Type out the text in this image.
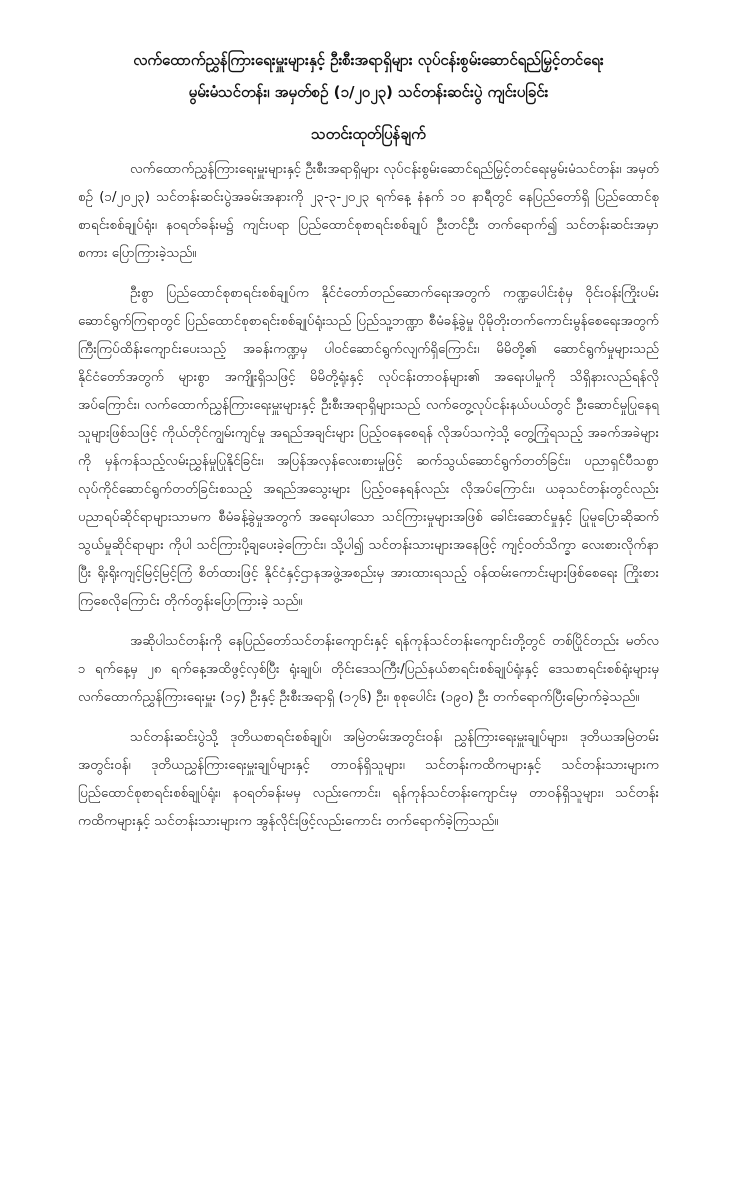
လက်ထောက်ညွှန်ကြားရေးမှူးများနှင့် ဦးစီးအရာရှိများ လုပ်ငန်းစွမ်းဆောင်ရည်မြှင့်တင်ရေး

မွမ်းမံသင်တန်း၊ အမှတ်စဉ် (၁/၂၀၂၃) သင်တန်းဆင်းပွဲ ကျင်းပခြင်း

သတင်းထုတ်ပြန်ချက်

လက်ထောက်ညွှန်ကြားရေးမှူးများနှင့် ဦးစီးအရာရှိများ လုပ်ငန်းစွမ်းဆောင်ရည်မြှင့်တင်ရေးမွမ်းမံသင်တန်း၊ အမှတ်စဉ် (၁/၂၀၂၃) သင်တန်းဆင်းပွဲအခမ်းအနားကို ၂၃-၃-၂၀၂၃ ရက်နေ့ နံနက် ၁၀ နာရီတွင် နေပြည်တော်ရှိ ပြည်ထောင်စုစာရင်းစစ်ချုပ်ရုံး၊ န၀ရတ်ခန်းမ၌ ကျင်းပရာ ပြည်ထောင်စုစာရင်းစစ်ချုပ် ဦးတင်ဦး တက်ရောက်၍ သင်တန်းဆင်းအမှာစကား ပြောကြားခဲ့သည်။

ဦးစွာ ပြည်ထောင်စုစာရင်းစစ်ချုပ်က နိုင်ငံတော်တည်ဆောက်ရေးအတွက် ကဏ္ဍပေါင်းစုံမှ ဝိုင်းဝန်းကြိုးပမ်းဆောင်ရွက်ကြရာတွင် ပြည်ထောင်စုစာရင်းစစ်ချုပ်ရုံးသည် ပြည်သူ့ဘဏ္ဍာ စီမံခန့်ခွဲမှု ပိုမိုတိုးတက်ကောင်းမွန်စေရေးအတွက် ကြီးကြပ်ထိန်းကျောင်းပေးသည့် အခန်းကဏ္ဍမှ ပါဝင်ဆောင်ရွက်လျက်ရှိကြောင်း၊ မိမိတို့၏ ဆောင်ရွက်မှုများသည် နိုင်ငံတော်အတွက် များစွာ အကျိုးရှိသဖြင့် မိမိတို့ရုံးနှင့် လုပ်ငန်းတာဝန်များ၏ အရေးပါမှုကို သိရှိနားလည်ရန်လိုအပ်ကြောင်း၊ လက်ထောက်ညွှန်ကြားရေးမှူးများနှင့် ဦးစီးအရာရှိများသည် လက်တွေ့လုပ်ငန်းနယ်ပယ်တွင် ဦးဆောင်မှုပြုနေရသူများဖြစ်သဖြင့် ကိုယ်တိုင်ကျွမ်းကျင်မှု အရည်အချင်းများ ပြည့်ဝနေစေရန် လိုအပ်သကဲ့သို့ တွေ့ကြုံရသည့် အခက်အခဲများကို မှန်ကန်သည့်လမ်းညွှန်မှုပြုနိုင်ခြင်း၊ အပြန်အလှန်လေးစားမှုဖြင့် ဆက်သွယ်ဆောင်ရွက်တတ်ခြင်း၊ ပညာရှင်ပီသစွာ လုပ်ကိုင်ဆောင်ရွက်တတ်ခြင်းစသည့် အရည်အသွေးများ ပြည့်ဝနေရန်လည်း လိုအပ်ကြောင်း၊ ယခုသင်တန်းတွင်လည်း ပညာရပ်ဆိုင်ရာများသာမက စီမံခန့်ခွဲမှုအတွက် အရေးပါသော သင်ကြားမှုများအဖြစ် ခေါင်းဆောင်မှုနှင့် ပြုမူပြောဆိုဆက်သွယ်မှုဆိုင်ရာများ ကိုပါ သင်ကြားပို့ချပေးခဲ့ကြောင်း၊ သို့ပါ၍ သင်တန်းသားများအနေဖြင့် ကျင့်ဝတ်သိက္ခာ လေးစားလိုက်နာပြီး ရိုးရိုးကျင့်မြင့်မြင့်ကြံ စိတ်ထားဖြင့် နိုင်ငံနှင့်ဌာနအဖွဲ့အစည်းမှ အားထားရသည့် ဝန်ထမ်းကောင်းများဖြစ်စေရေး ကြိုးစားကြစေလိုကြောင်း တိုက်တွန်းပြောကြားခဲ့ သည်။

အဆိုပါသင်တန်းကို နေပြည်တော်သင်တန်းကျောင်းနှင့် ရန်ကုန်သင်တန်းကျောင်းတို့တွင် တစ်ပြိုင်တည်း မတ်လ ၁ ရက်နေ့မှ ၂၈ ရက်နေ့အထိဖွင့်လှစ်ပြီး ရုံးချုပ်၊ တိုင်းဒေသကြီး/ပြည်နယ်စာရင်းစစ်ချုပ်ရုံးနှင့် ဒေသစာရင်းစစ်ရုံးများမှ လက်ထောက်ညွှန်ကြားရေးမှူး (၁၄) ဦးနှင့် ဦးစီးအရာရှိ (၁၇၆) ဦး၊ စုစုပေါင်း (၁၉၀) ဦး တက်ရောက်ပြီးမြောက်ခဲ့သည်။

သင်တန်းဆင်းပွဲသို့ ဒုတိယစာရင်းစစ်ချုပ်၊ အမြဲတမ်းအတွင်းဝန်၊ ညွှန်ကြားရေးမှူးချုပ်များ၊ ဒုတိယအမြဲတမ်းအတွင်းဝန်၊ ဒုတိယညွှန်ကြားရေးမှူးချုပ်များနှင့် တာဝန်ရှိသူများ၊ သင်တန်းကထိကများနှင့် သင်တန်းသားများက ပြည်ထောင်စုစာရင်းစစ်ချုပ်ရုံး၊ န၀ရတ်ခန်းမမှ လည်းကောင်း၊ ရန်ကုန်သင်တန်းကျောင်းမှ တာဝန်ရှိသူများ၊ သင်တန်းကထိကများနှင့် သင်တန်းသားများက အွန်လိုင်းဖြင့်လည်းကောင်း တက်ရောက်ခဲ့ကြသည်။
